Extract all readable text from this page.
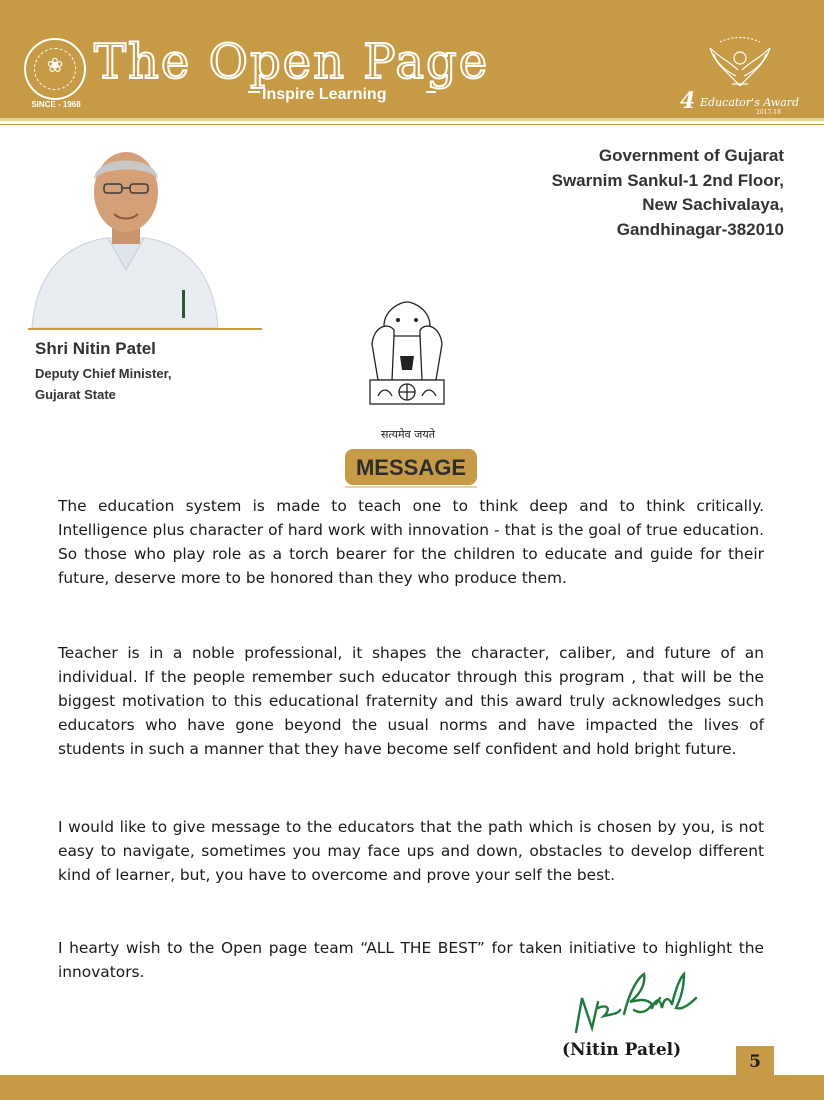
❀
SINCE - 1968
The Open Page
Inspire Learning	4 Educator's Award
2017-18
Shri Nitin Patel
Deputy Chief Minister,
Gujarat State
Government of Gujarat
Swarnim Sankul-1 2nd Floor,
New Sachivalaya,
Gandhinagar-382010
सत्यमेव जयते
MESSAGE
The education system is made to teach one to think deep and to think critically. Intelligence plus character of hard work with innovation - that is the goal of true education. So those who play role as a torch bearer for the children to educate and guide for their future, deserve more to be honored than they who produce them.
Teacher is in a noble professional, it shapes the character, caliber, and future of an individual. If the people remember such educator through this program , that will be the biggest motivation to this educational fraternity and this award truly acknowledges such educators who have gone beyond the usual norms and have impacted the lives of students in such a manner that they have become self confident and hold bright future.
I would like to give message to the educators that the path which is chosen by you, is not easy to navigate, sometimes you may face ups and down, obstacles to develop different kind of learner, but, you have to overcome and prove your self the best.
I hearty wish to the Open page team “ALL THE BEST” for taken initiative to highlight the innovators.
(Nitin Patel)
5
